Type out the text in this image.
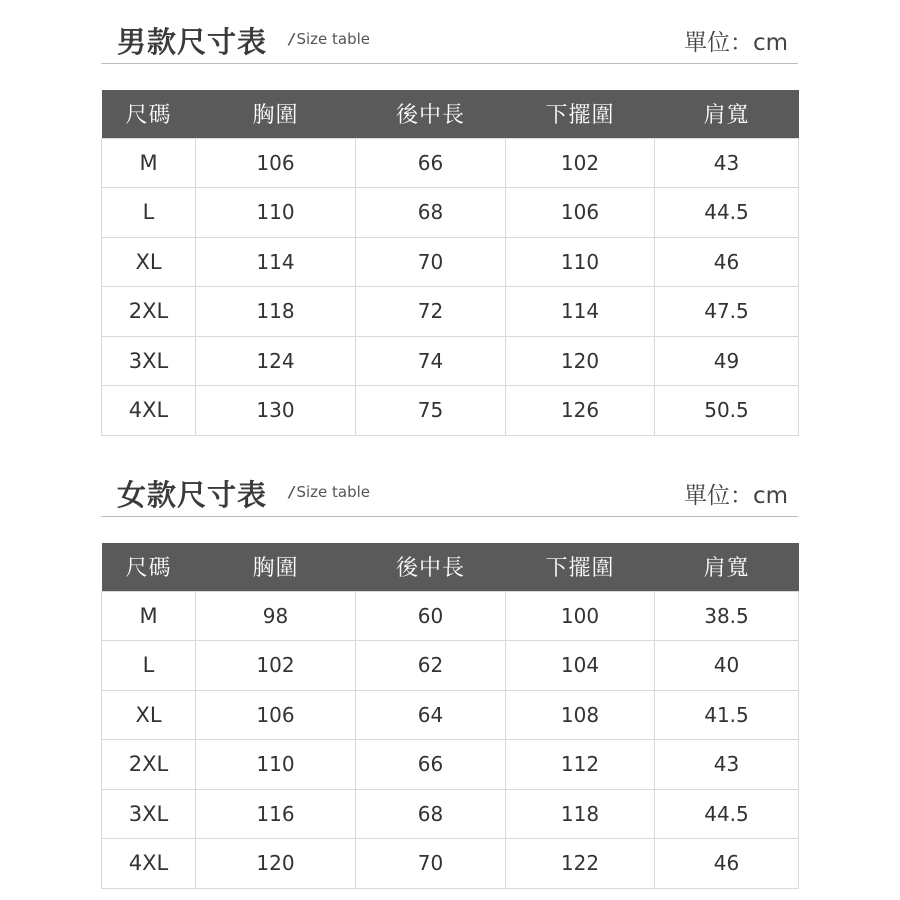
男款尺寸表 / Size table	單位：cm
尺碼	胸圍	後中長	下擺圍	肩寬
M	106	66	102	43
L	110	68	106	44.5
XL	114	70	110	46
2XL	118	72	114	47.5
3XL	124	74	120	49
4XL	130	75	126	50.5
女款尺寸表 / Size table	單位：cm
尺碼	胸圍	後中長	下擺圍	肩寬
M	98	60	100	38.5
L	102	62	104	40
XL	106	64	108	41.5
2XL	110	66	112	43
3XL	116	68	118	44.5
4XL	120	70	122	46
